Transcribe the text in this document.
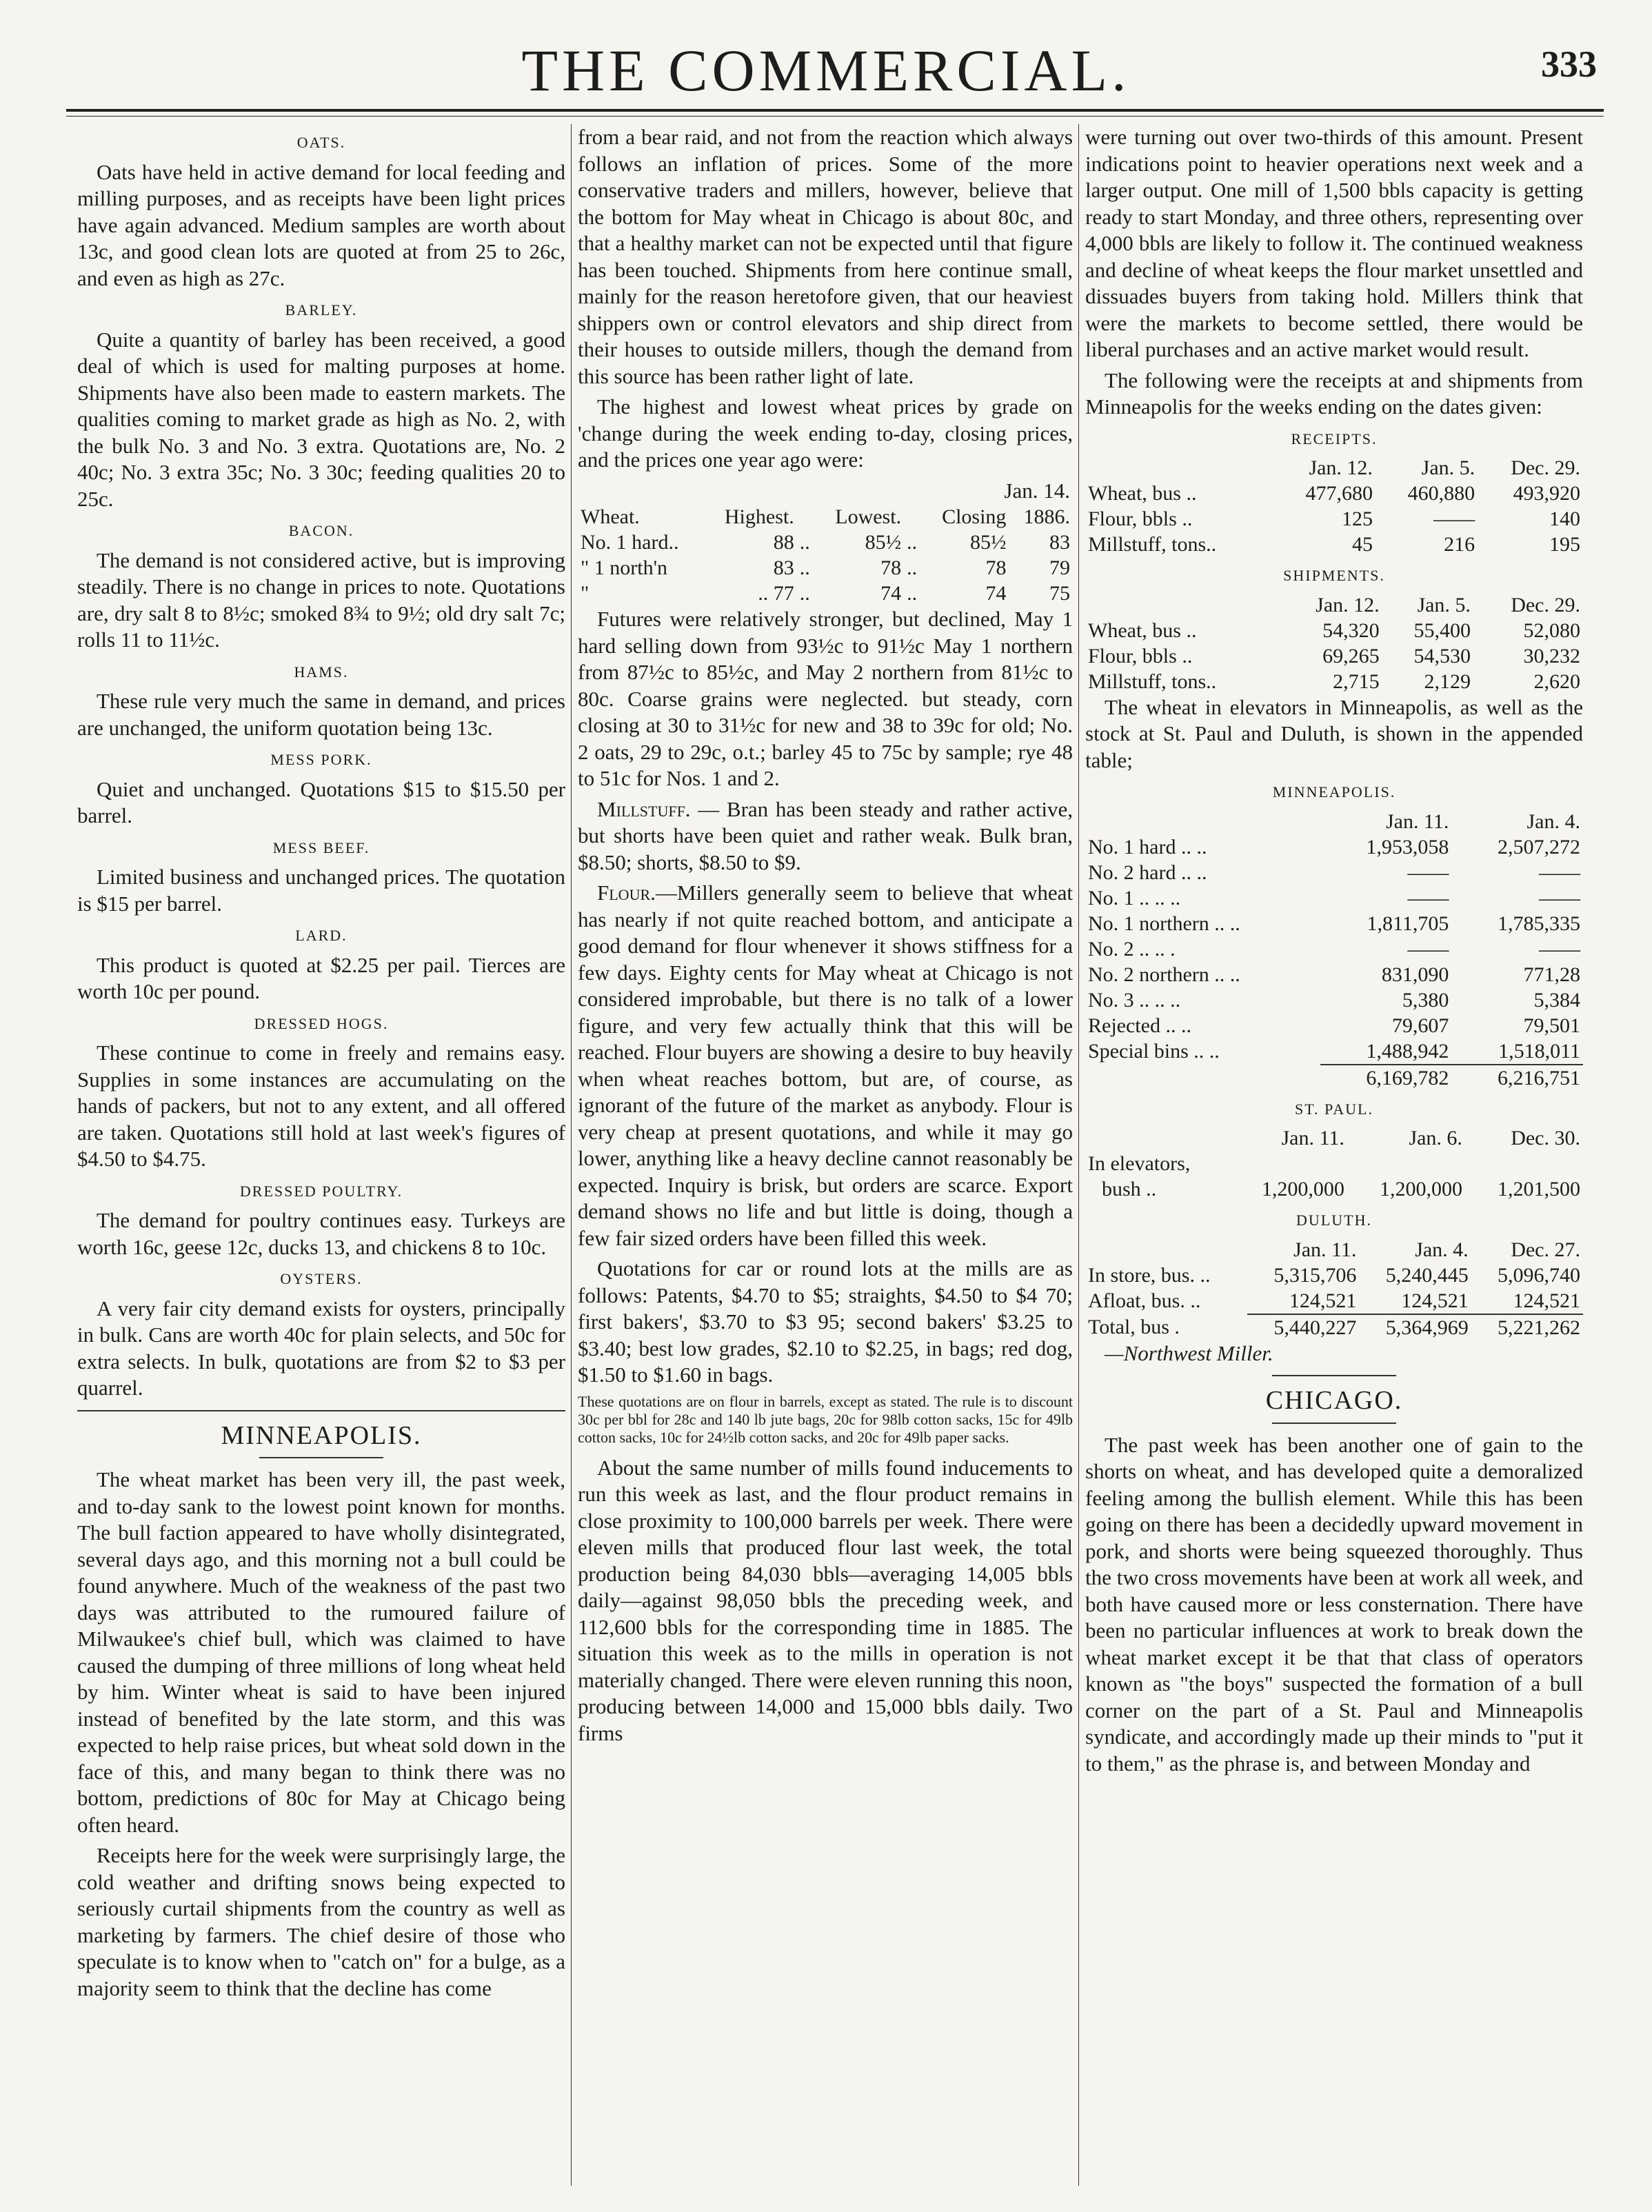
THE COMMERCIAL.	333
OATS.

Oats have held in active demand for local feeding and milling purposes, and as receipts have been light prices have again advanced. Medium samples are worth about 13c, and good clean lots are quoted at from 25 to 26c, and even as high as 27c.

BARLEY.

Quite a quantity of barley has been received, a good deal of which is used for malting purposes at home. Shipments have also been made to eastern markets. The qualities coming to market grade as high as No. 2, with the bulk No. 3 and No. 3 extra. Quotations are, No. 2 40c; No. 3 extra 35c; No. 3 30c; feeding qualities 20 to 25c.

BACON.

The demand is not considered active, but is improving steadily. There is no change in prices to note. Quotations are, dry salt 8 to 8½c; smoked 8¾ to 9½; old dry salt 7c; rolls 11 to 11½c.

HAMS.

These rule very much the same in demand, and prices are unchanged, the uniform quotation being 13c.

MESS PORK.

Quiet and unchanged. Quotations $15 to $15.50 per barrel.

MESS BEEF.

Limited business and unchanged prices. The quotation is $15 per barrel.

LARD.

This product is quoted at $2.25 per pail. Tierces are worth 10c per pound.

DRESSED HOGS.

These continue to come in freely and remains easy. Supplies in some instances are accumulating on the hands of packers, but not to any extent, and all offered are taken. Quotations still hold at last week's figures of $4.50 to $4.75.

DRESSED POULTRY.

The demand for poultry continues easy. Turkeys are worth 16c, geese 12c, ducks 13, and chickens 8 to 10c.

OYSTERS.

A very fair city demand exists for oysters, principally in bulk. Cans are worth 40c for plain selects, and 50c for extra selects. In bulk, quotations are from $2 to $3 per quarrel.

MINNEAPOLIS.

The wheat market has been very ill, the past week, and to-day sank to the lowest point known for months. The bull faction appeared to have wholly disintegrated, several days ago, and this morning not a bull could be found anywhere. Much of the weakness of the past two days was attributed to the rumoured failure of Milwaukee's chief bull, which was claimed to have caused the dumping of three millions of long wheat held by him. Winter wheat is said to have been injured instead of benefited by the late storm, and this was expected to help raise prices, but wheat sold down in the face of this, and many began to think there was no bottom, predictions of 80c for May at Chicago being often heard.

Receipts here for the week were surprisingly large, the cold weather and drifting snows being expected to seriously curtail shipments from the country as well as marketing by farmers. The chief desire of those who speculate is to know when to "catch on" for a bulge, as a majority seem to think that the decline has come

from a bear raid, and not from the reaction which always follows an inflation of prices. Some of the more conservative traders and millers, however, believe that the bottom for May wheat in Chicago is about 80c, and that a healthy market can not be expected until that figure has been touched. Shipments from here continue small, mainly for the reason heretofore given, that our heaviest shippers own or control elevators and ship direct from their houses to outside millers, though the demand from this source has been rather light of late.

The highest and lowest wheat prices by grade on 'change during the week ending to-day, closing prices, and the prices one year ago were:

Jan. 14.
Wheat.	Highest.		Lowest.		Closing	1886.
No. 1 hard..	88	..	85½	..	85½	83
" 1 north'n	83	..	78	..	78	79
"	.. 77	..	74	..	74	75

Futures were relatively stronger, but declined, May 1 hard selling down from 93½c to 91½c May 1 northern from 87½c to 85½c, and May 2 northern from 81½c to 80c. Coarse grains were neglected. but steady, corn closing at 30 to 31½c for new and 38 to 39c for old; No. 2 oats, 29 to 29c, o.t.; barley 45 to 75c by sample; rye 48 to 51c for Nos. 1 and 2.

Millstuff. — Bran has been steady and rather active, but shorts have been quiet and rather weak. Bulk bran, $8.50; shorts, $8.50 to $9.

Flour.—Millers generally seem to believe that wheat has nearly if not quite reached bottom, and anticipate a good demand for flour whenever it shows stiffness for a few days. Eighty cents for May wheat at Chicago is not considered improbable, but there is no talk of a lower figure, and very few actually think that this will be reached. Flour buyers are showing a desire to buy heavily when wheat reaches bottom, but are, of course, as ignorant of the future of the market as anybody. Flour is very cheap at present quotations, and while it may go lower, anything like a heavy decline cannot reasonably be expected. Inquiry is brisk, but orders are scarce. Export demand shows no life and but little is doing, though a few fair sized orders have been filled this week.

Quotations for car or round lots at the mills are as follows: Patents, $4.70 to $5; straights, $4.50 to $4 70; first bakers', $3.70 to $3 95; second bakers' $3.25 to $3.40; best low grades, $2.10 to $2.25, in bags; red dog, $1.50 to $1.60 in bags.

These quotations are on flour in barrels, except as stated. The rule is to discount 30c per bbl for 28c and 140 lb jute bags, 20c for 98lb cotton sacks, 15c for 49lb cotton sacks, 10c for 24½lb cotton sacks, and 20c for 49lb paper sacks.

About the same number of mills found inducements to run this week as last, and the flour product remains in close proximity to 100,000 barrels per week. There were eleven mills that produced flour last week, the total production being 84,030 bbls—averaging 14,005 bbls daily—against 98,050 bbls the preceding week, and 112,600 bbls for the corresponding time in 1885. The situation this week as to the mills in operation is not materially changed. There were eleven running this noon, producing between 14,000 and 15,000 bbls daily. Two firms

were turning out over two-thirds of this amount. Present indications point to heavier operations next week and a larger output. One mill of 1,500 bbls capacity is getting ready to start Monday, and three others, representing over 4,000 bbls are likely to follow it. The continued weakness and decline of wheat keeps the flour market unsettled and dissuades buyers from taking hold. Millers think that were the markets to become settled, there would be liberal purchases and an active market would result.

The following were the receipts at and shipments from Minneapolis for the weeks ending on the dates given:

RECEIPTS.
	Jan. 12.	Jan. 5.	Dec. 29.
Wheat, bus ..	477,680	460,880	493,920
Flour, bbls ..	125	——	140
Millstuff, tons..	45	216	195
SHIPMENTS.
	Jan. 12.	Jan. 5.	Dec. 29.
Wheat, bus ..	54,320	55,400	52,080
Flour, bbls ..	69,265	54,530	30,232
Millstuff, tons..	2,715	2,129	2,620

The wheat in elevators in Minneapolis, as well as the stock at St. Paul and Duluth, is shown in the appended table;

MINNEAPOLIS.
	Jan. 11.	Jan. 4.
No. 1 hard .. ..	1,953,058	2,507,272
No. 2 hard .. ..	——	——
No. 1 .. .. ..	——	——
No. 1 northern .. ..	1,811,705	1,785,335
No. 2 .. .. .	——	——
No. 2 northern .. ..	831,090	771,28
No. 3 .. .. ..	5,380	5,384
Rejected .. ..	79,607	79,501
Special bins .. ..	1,488,942	1,518,011
	6,169,782	6,216,751
ST. PAUL.
	Jan. 11.	Jan. 6.	Dec. 30.
In elevators,			
bush ..	1,200,000	1,200,000	1,201,500
DULUTH.
	Jan. 11.	Jan. 4.	Dec. 27.
In store, bus. ..	5,315,706	5,240,445	5,096,740
Afloat, bus. ..	124,521	124,521	124,521
Total, bus .	5,440,227	5,364,969	5,221,262

—Northwest Miller.

CHICAGO.

The past week has been another one of gain to the shorts on wheat, and has developed quite a demoralized feeling among the bullish element. While this has been going on there has been a decidedly upward movement in pork, and shorts were being squeezed thoroughly. Thus the two cross movements have been at work all week, and both have caused more or less consternation. There have been no particular influences at work to break down the wheat market except it be that that class of operators known as "the boys" suspected the formation of a bull corner on the part of a St. Paul and Minneapolis syndicate, and accordingly made up their minds to "put it to them," as the phrase is, and between Monday and
